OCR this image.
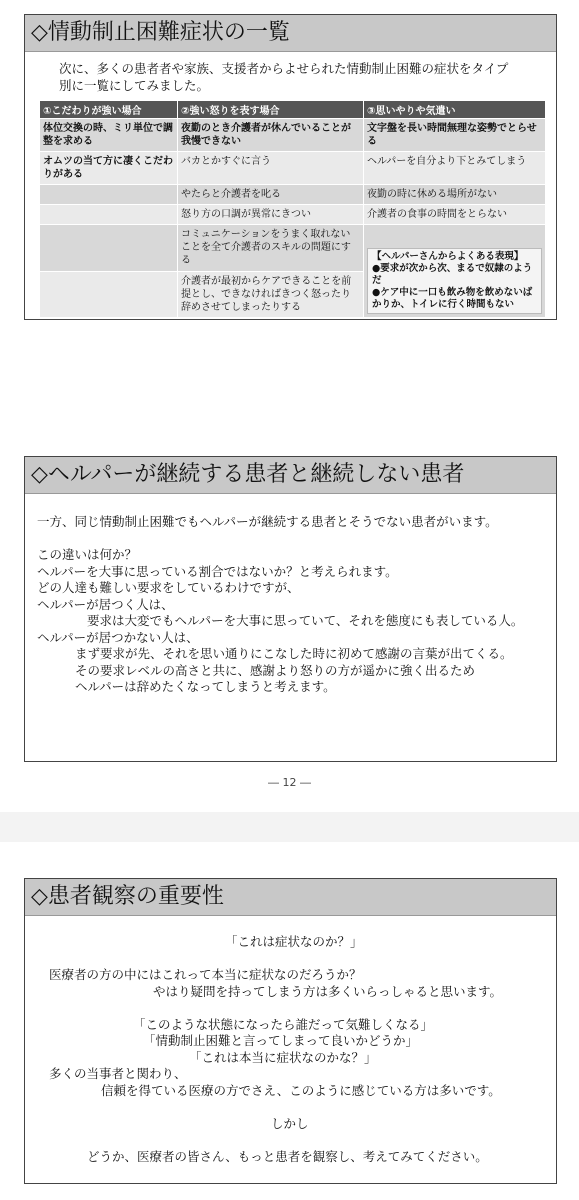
◇情動制止困難症状の一覧
次に、多くの患者者や家族、支援者からよせられた情動制止困難の症状をタイプ
別に一覧にしてみました。
①こだわりが強い場合	②強い怒りを表す場合	③思いやりや気遣い
体位交換の時、ミリ単位で調整を求める	夜勤のとき介護者が休んでいることが我慢できない	文字盤を長い時間無理な姿勢でとらせる
オムツの当て方に凄くこだわりがある	バカとかすぐに言う	ヘルパーを自分より下とみてしまう
	やたらと介護者を叱る	夜勤の時に休める場所がない
	怒り方の口調が異常にきつい	介護者の食事の時間をとらない
	コミュニケーションをうまく取れないことを全て介護者のスキルの問題にする	【ヘルパーさんからよくある表現】
●要求が次から次、まるで奴隷のようだ
●ケア中に一口も飲み物を飲めないばかりか、トイレに行く時間もない

	介護者が最初からケアできることを前提とし、できなければきつく怒ったり辞めさせてしまったりする	
◇ヘルパーが継続する患者と継続しない患者
一方、同じ情動制止困難でもヘルパーが継続する患者とそうでない患者がいます。
この違いは何か？
ヘルパーを大事に思っている割合ではないか？と考えられます。
どの人達も難しい要求をしているわけですが、
ヘルパーが居つく人は、
要求は大変でもヘルパーを大事に思っていて、それを態度にも表している人。
ヘルパーが居つかない人は、
まず要求が先、それを思い通りにこなした時に初めて感謝の言葉が出てくる。
その要求レベルの高さと共に、感謝より怒りの方が遥かに強く出るため
ヘルパーは辞めたくなってしまうと考えます。
― 12 ―
◇患者観察の重要性
「これは症状なのか？」
医療者の方の中にはこれって本当に症状なのだろうか？
やはり疑問を持ってしまう方は多くいらっしゃると思います。
「このような状態になったら誰だって気難しくなる」
「情動制止困難と言ってしまって良いかどうか」
「これは本当に症状なのかな？」
多くの当事者と関わり、
信頼を得ている医療の方でさえ、このように感じている方は多いです。
しかし
どうか、医療者の皆さん、もっと患者を観察し、考えてみてください。
